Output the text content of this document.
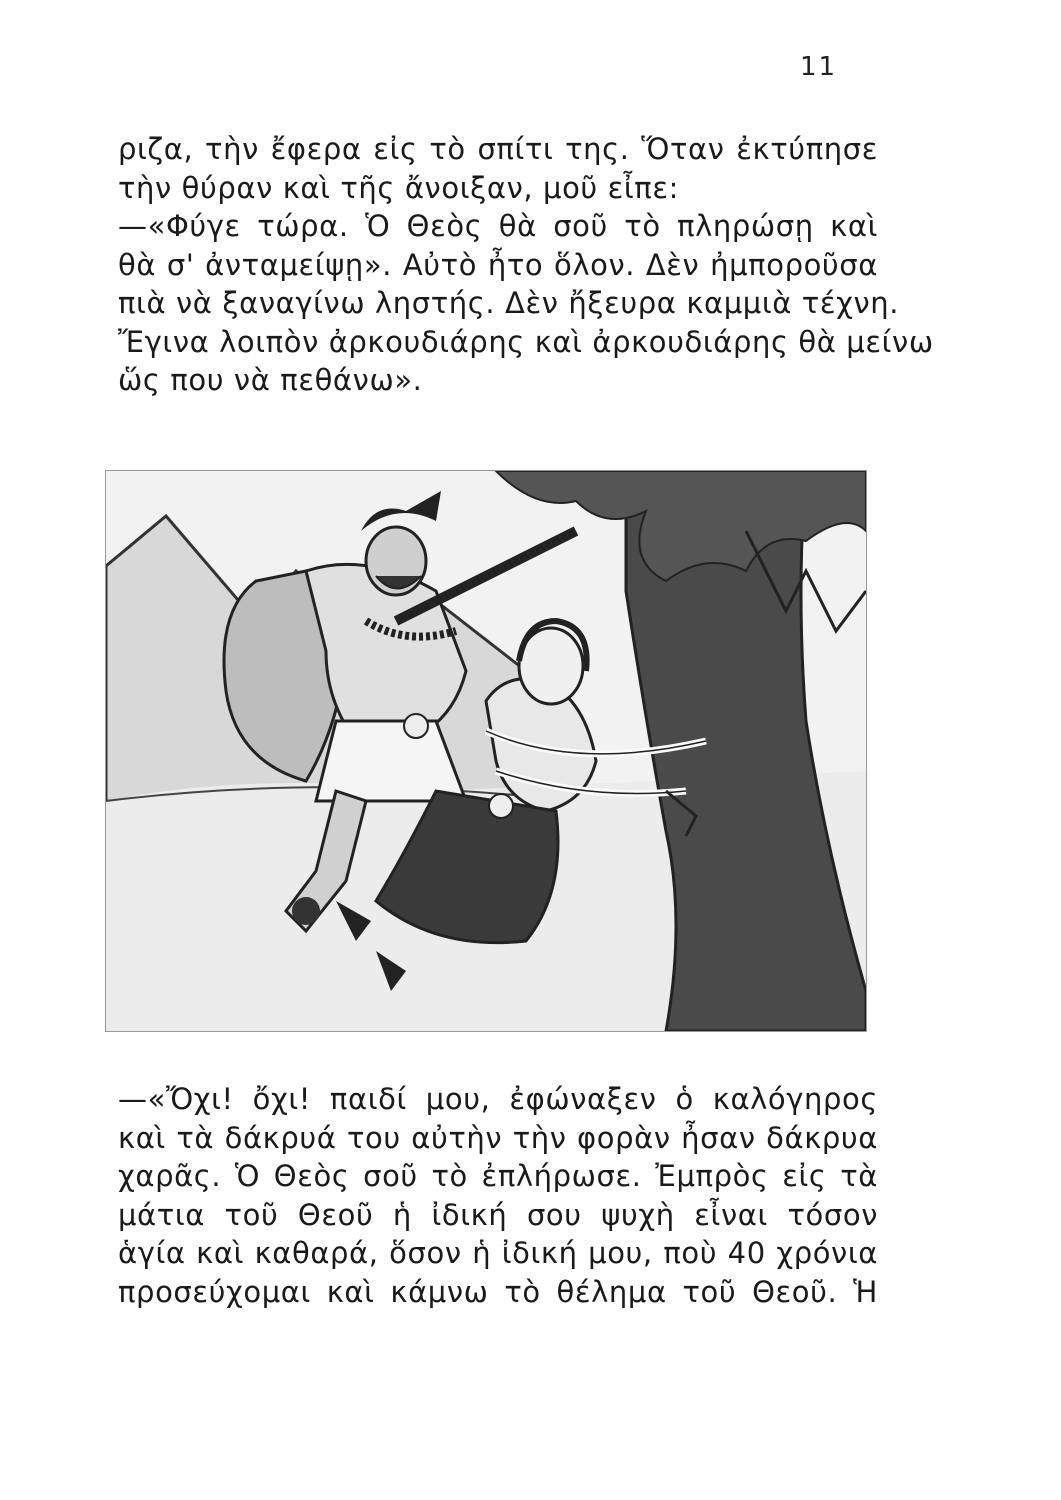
11
ριζα, τὴν ἔφερα εἰς τὸ σπίτι της. Ὅταν ἐκτύπησε
τὴν θύραν καὶ τῆς ἄνοιξαν, μοῦ εἶπε:
—«Φύγε τώρα. Ὁ Θεὸς θὰ σοῦ τὸ πληρώσῃ καὶ
θὰ σ' ἀνταμείψῃ». Αὐτὸ ἦτο ὅλον. Δὲν ἠμποροῦσα
πιὰ νὰ ξαναγίνω ληστής. Δὲν ἤξευρα καμμιὰ τέχνη.
Ἔγινα λοιπὸν ἀρκουδιάρης καὶ ἀρκουδιάρης θὰ μείνω
ὥς που νὰ πεθάνω».
—«Ὄχι! ὄχι! παιδί μου, ἐφώναξεν ὁ καλόγηρος
καὶ τὰ δάκρυά του αὐτὴν τὴν φορὰν ἦσαν δάκρυα
χαρᾶς. Ὁ Θεὸς σοῦ τὸ ἐπλήρωσε. Ἐμπρὸς εἰς τὰ
μάτια τοῦ Θεοῦ ἡ ἰδική σου ψυχὴ εἶναι τόσον
ἁγία καὶ καθαρά, ὅσον ἡ ἰδική μου, ποὺ 40 χρόνια
προσεύχομαι καὶ κάμνω τὸ θέλημα τοῦ Θεοῦ. Ἡ
